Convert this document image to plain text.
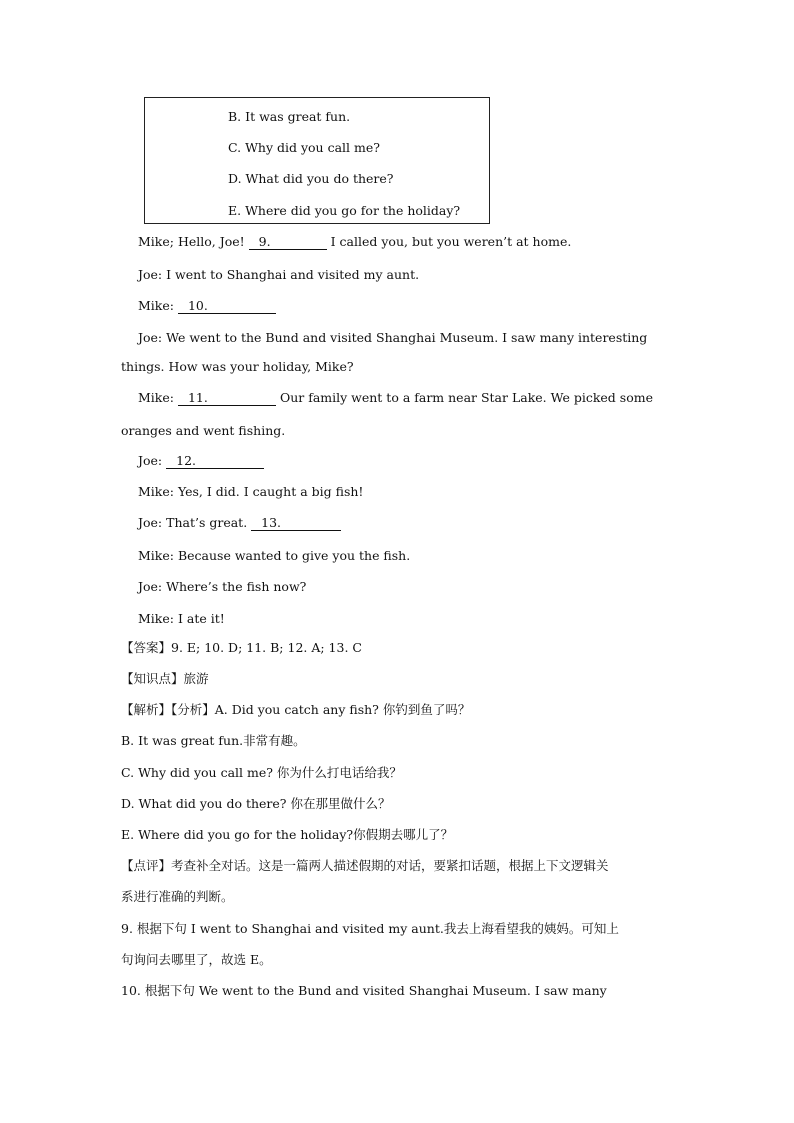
B. It was great fun.
C. Why did you call me?
D. What did you do there?
E. Where did you go for the holiday?
Mike; Hello, Joe! 9.	I called you, but you weren’t at home.
Joe: I went to Shanghai and visited my aunt.
Mike: 10.
Joe: We went to the Bund and visited Shanghai Museum. I saw many interesting
things. How was your holiday, Mike?
Mike: 11.	Our family went to a farm near Star Lake. We picked some
oranges and went fishing.
Joe: 12.
Mike: Yes, I did. I caught a big fish!
Joe: That’s great. 13.
Mike: Because wanted to give you the fish.
Joe: Where’s the fish now?
Mike: I ate it!
【答案】9. E; 10. D; 11. B; 12. A; 13. C
【知识点】旅游
【解析】【分析】A. Did you catch any fish? 你钓到鱼了吗？
B. It was great fun.非常有趣。
C. Why did you call me? 你为什么打电话给我？
D. What did you do there? 你在那里做什么？
E. Where did you go for the holiday?你假期去哪儿了？
【点评】考查补全对话。这是一篇两人描述假期的对话，要紧扣话题，根据上下文逻辑关
系进行准确的判断。
9. 根据下句 I went to Shanghai and visited my aunt.我去上海看望我的姨妈。可知上
句询问去哪里了，故选 E。
10. 根据下句 We went to the Bund and visited Shanghai Museum. I saw many
